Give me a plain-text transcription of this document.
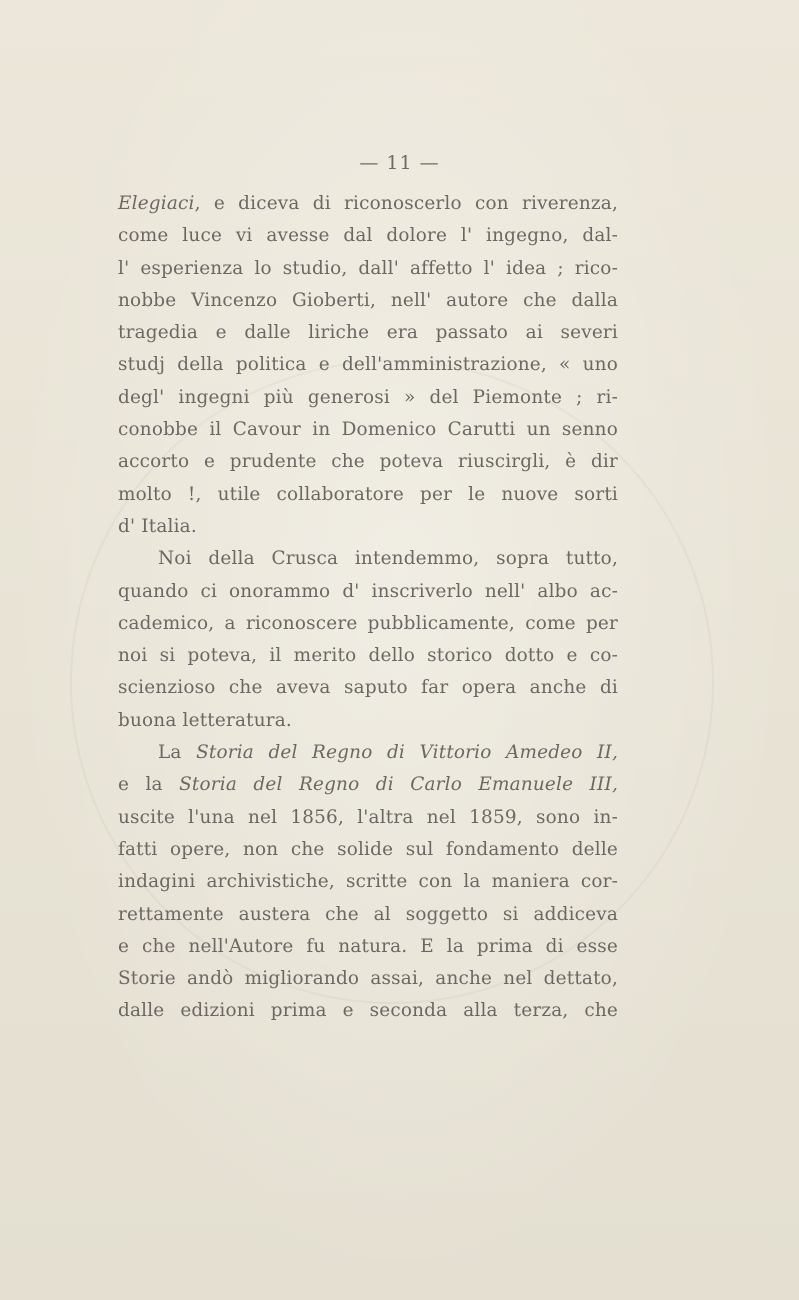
— 11 —
Elegiaci, e diceva di riconoscerlo con riverenza,
come luce vi avesse dal dolore l' ingegno, dal-
l' esperienza lo studio, dall' affetto l' idea ; rico-
nobbe Vincenzo Gioberti, nell' autore che dalla
tragedia e dalle liriche era passato ai severi
studj della politica e dell'amministrazione, « uno
degl' ingegni più generosi » del Piemonte ; ri-
conobbe il Cavour in Domenico Carutti un senno
accorto e prudente che poteva riuscirgli, è dir
molto !, utile collaboratore per le nuove sorti
d' Italia.
Noi della Crusca intendemmo, sopra tutto,
quando ci onorammo d' inscriverlo nell' albo ac-
cademico, a riconoscere pubblicamente, come per
noi si poteva, il merito dello storico dotto e co-
scienzioso che aveva saputo far opera anche di
buona letteratura.
La Storia del Regno di Vittorio Amedeo II,
e la Storia del Regno di Carlo Emanuele III,
uscite l'una nel 1856, l'altra nel 1859, sono in-
fatti opere, non che solide sul fondamento delle
indagini archivistiche, scritte con la maniera cor-
rettamente austera che al soggetto si addiceva
e che nell'Autore fu natura. E la prima di esse
Storie andò migliorando assai, anche nel dettato,
dalle edizioni prima e seconda alla terza, che
